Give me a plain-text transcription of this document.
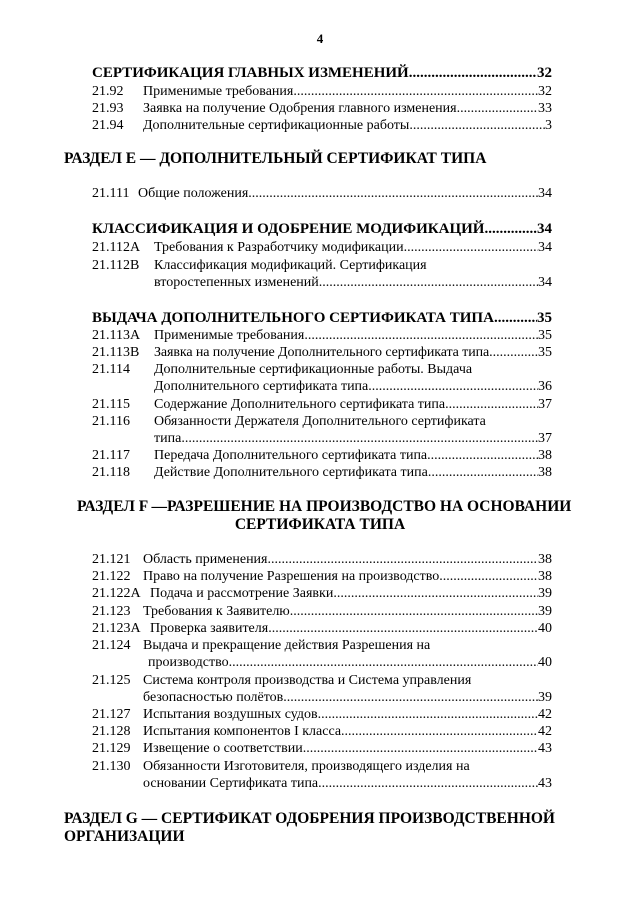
4
СЕРТИФИКАЦИЯ ГЛАВНЫХ ИЗМЕНЕНИЙ .....	32
21.92	Применимые требования .....	32
21.93	Заявка на получение Одобрения главного изменения .....	33
21.94	Дополнительные сертификационные работы .....	3
РАЗДЕЛ Е — ДОПОЛНИТЕЛЬНЫЙ СЕРТИФИКАТ ТИПА
21.111 Общие положения .....	34
КЛАССИФИКАЦИЯ И ОДОБРЕНИЕ МОДИФИКАЦИЙ .....	34
21.112А Требования к Разработчику модификации .....	34
21.112В Классификация модификаций. Сертификация
второстепенных изменений .....	34
ВЫДАЧА ДОПОЛНИТЕЛЬНОГО СЕРТИФИКАТА ТИПА .....	35
21.113А Применимые требования .....	35
21.113В	Заявка на получение Дополнительного сертификата типа .....	35
21.114 Дополнительные сертификационные работы. Выдача
Дополнительного сертификата типа .....	36
21.115	Содержание Дополнительного сертификата типа .....	37
21.116 Обязанности Держателя Дополнительного сертификата
типа .....	37
21.117	Передача Дополнительного сертификата типа .....	38
21.118	Действие Дополнительного сертификата типа .....	38
РАЗДЕЛ F —РАЗРЕШЕНИЕ НА ПРОИЗВОДСТВО НА ОСНОВАНИИ
СЕРТИФИКАТА ТИПА
21.121 Область применения .....	38
21.122 Право на получение Разрешения на производство .....	38
21.122А Подача и рассмотрение Заявки .....	39
21.123 Требования к Заявителю .....	39
21.123А Проверка заявителя .....	40
21.124 Выдача и прекращение действия Разрешения на
производство .....	40
21.125 Система контроля производства и Система управления
безопасностью полётов .....	39
21.127 Испытания воздушных судов .....	42
21.128 Испытания компонентов I класса .....	42
21.129 Извещение о соответствии .....	43
21.130 Обязанности Изготовителя, производящего изделия на
основании Сертификата типа .....	43
РАЗДЕЛ G — СЕРТИФИКАТ ОДОБРЕНИЯ ПРОИЗВОДСТВЕННОЙ
ОРГАНИЗАЦИИ
